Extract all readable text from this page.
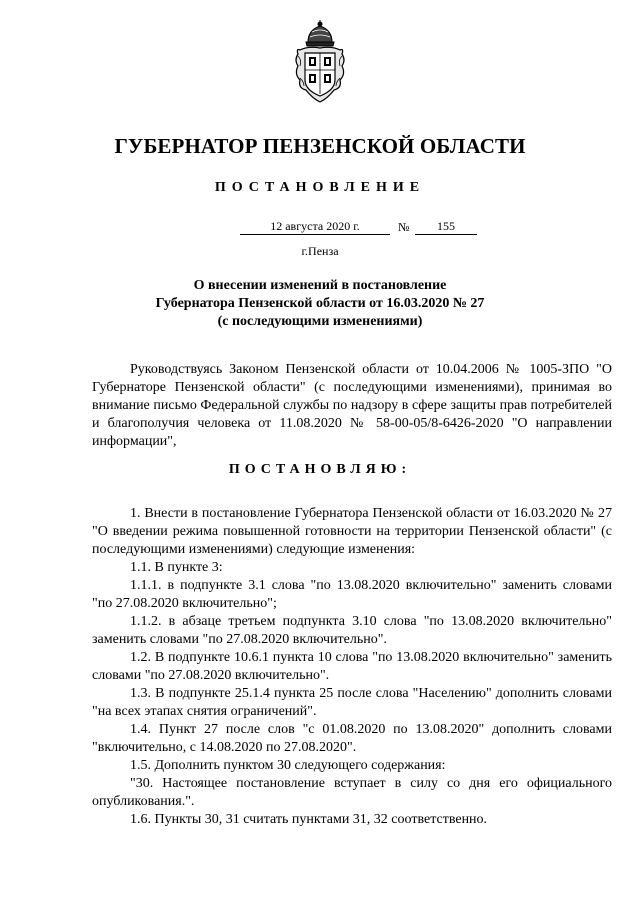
ГУБЕРНАТОР ПЕНЗЕНСКОЙ ОБЛАСТИ
ПОСТАНОВЛЕНИЕ
12 августа 2020 г.	№	155
г.Пенза
О внесении изменений в постановление
Губернатора Пензенской области от 16.03.2020 № 27
(с последующими изменениями)

Руководствуясь Законом Пензенской области от 10.04.2006 № 1005-ЗПО "О Губернаторе Пензенской области" (с последующими изменениями), принимая во внимание письмо Федеральной службы по надзору в сфере защиты прав потребителей и благополучия человека от 11.08.2020 № 58-00-05/8-6426-2020 "О направлении информации",

ПОСТАНОВЛЯЮ:

1. Внести в постановление Губернатора Пензенской области от 16.03.2020 № 27 "О введении режима повышенной готовности на территории Пензенской области" (с последующими изменениями) следующие изменения:

1.1. В пункте 3:

1.1.1. в подпункте 3.1 слова "по 13.08.2020 включительно" заменить словами "по 27.08.2020 включительно";

1.1.2. в абзаце третьем подпункта 3.10 слова "по 13.08.2020 включительно" заменить словами "по 27.08.2020 включительно".

1.2. В подпункте 10.6.1 пункта 10 слова "по 13.08.2020 включительно" заменить словами "по 27.08.2020 включительно".

1.3. В подпункте 25.1.4 пункта 25 после слова "Населению" дополнить словами "на всех этапах снятия ограничений".

1.4. Пункт 27 после слов "с 01.08.2020 по 13.08.2020" дополнить словами "включительно, с 14.08.2020 по 27.08.2020".

1.5. Дополнить пунктом 30 следующего содержания:

"30. Настоящее постановление вступает в силу со дня его официального опубликования.".

1.6. Пункты 30, 31 считать пунктами 31, 32 соответственно.
